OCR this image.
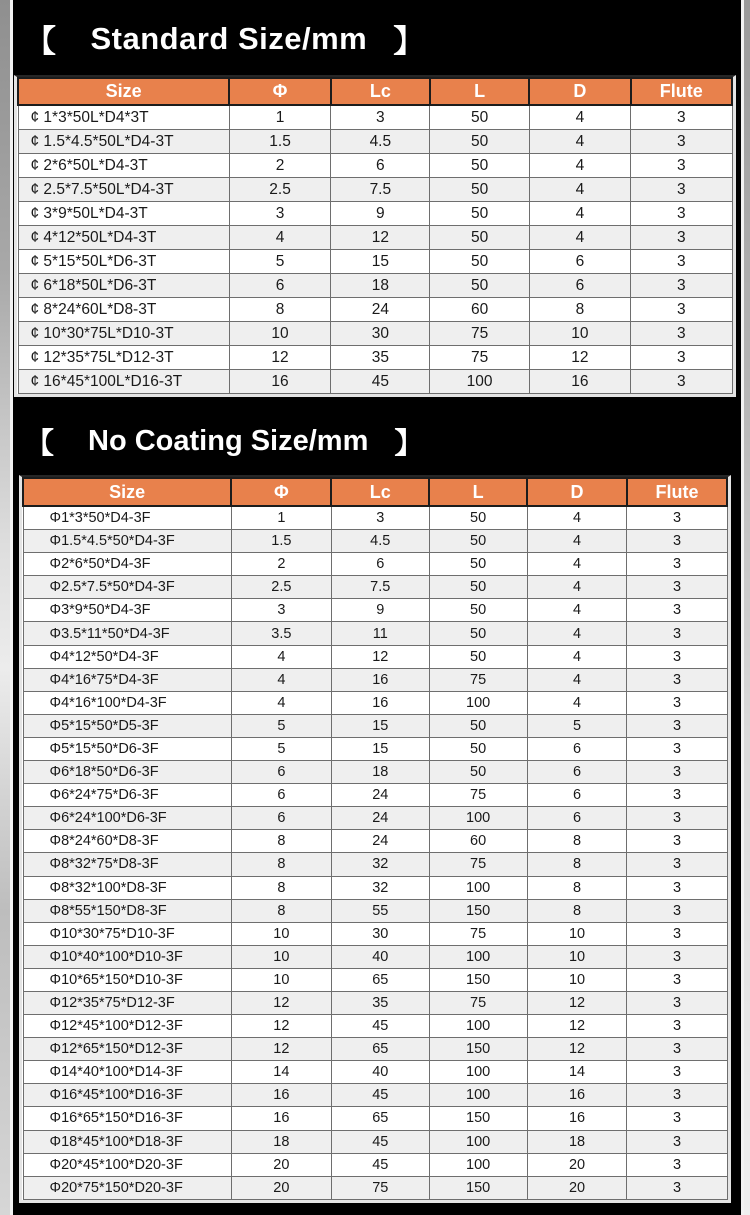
【 Standard Size/mm 】
Size	Φ	Lc	L	D	Flute
¢ 1*3*50L*D4*3T	1	3	50	4	3
¢ 1.5*4.5*50L*D4-3T	1.5	4.5	50	4	3
¢ 2*6*50L*D4-3T	2	6	50	4	3
¢ 2.5*7.5*50L*D4-3T	2.5	7.5	50	4	3
¢ 3*9*50L*D4-3T	3	9	50	4	3
¢ 4*12*50L*D4-3T	4	12	50	4	3
¢ 5*15*50L*D6-3T	5	15	50	6	3
¢ 6*18*50L*D6-3T	6	18	50	6	3
¢ 8*24*60L*D8-3T	8	24	60	8	3
¢ 10*30*75L*D10-3T	10	30	75	10	3
¢ 12*35*75L*D12-3T	12	35	75	12	3
¢ 16*45*100L*D16-3T	16	45	100	16	3
【 No Coating Size/mm 】
Size	Φ	Lc	L	D	Flute
Φ1*3*50*D4-3F	1	3	50	4	3
Φ1.5*4.5*50*D4-3F	1.5	4.5	50	4	3
Φ2*6*50*D4-3F	2	6	50	4	3
Φ2.5*7.5*50*D4-3F	2.5	7.5	50	4	3
Φ3*9*50*D4-3F	3	9	50	4	3
Φ3.5*11*50*D4-3F	3.5	11	50	4	3
Φ4*12*50*D4-3F	4	12	50	4	3
Φ4*16*75*D4-3F	4	16	75	4	3
Φ4*16*100*D4-3F	4	16	100	4	3
Φ5*15*50*D5-3F	5	15	50	5	3
Φ5*15*50*D6-3F	5	15	50	6	3
Φ6*18*50*D6-3F	6	18	50	6	3
Φ6*24*75*D6-3F	6	24	75	6	3
Φ6*24*100*D6-3F	6	24	100	6	3
Φ8*24*60*D8-3F	8	24	60	8	3
Φ8*32*75*D8-3F	8	32	75	8	3
Φ8*32*100*D8-3F	8	32	100	8	3
Φ8*55*150*D8-3F	8	55	150	8	3
Φ10*30*75*D10-3F	10	30	75	10	3
Φ10*40*100*D10-3F	10	40	100	10	3
Φ10*65*150*D10-3F	10	65	150	10	3
Φ12*35*75*D12-3F	12	35	75	12	3
Φ12*45*100*D12-3F	12	45	100	12	3
Φ12*65*150*D12-3F	12	65	150	12	3
Φ14*40*100*D14-3F	14	40	100	14	3
Φ16*45*100*D16-3F	16	45	100	16	3
Φ16*65*150*D16-3F	16	65	150	16	3
Φ18*45*100*D18-3F	18	45	100	18	3
Φ20*45*100*D20-3F	20	45	100	20	3
Φ20*75*150*D20-3F	20	75	150	20	3
